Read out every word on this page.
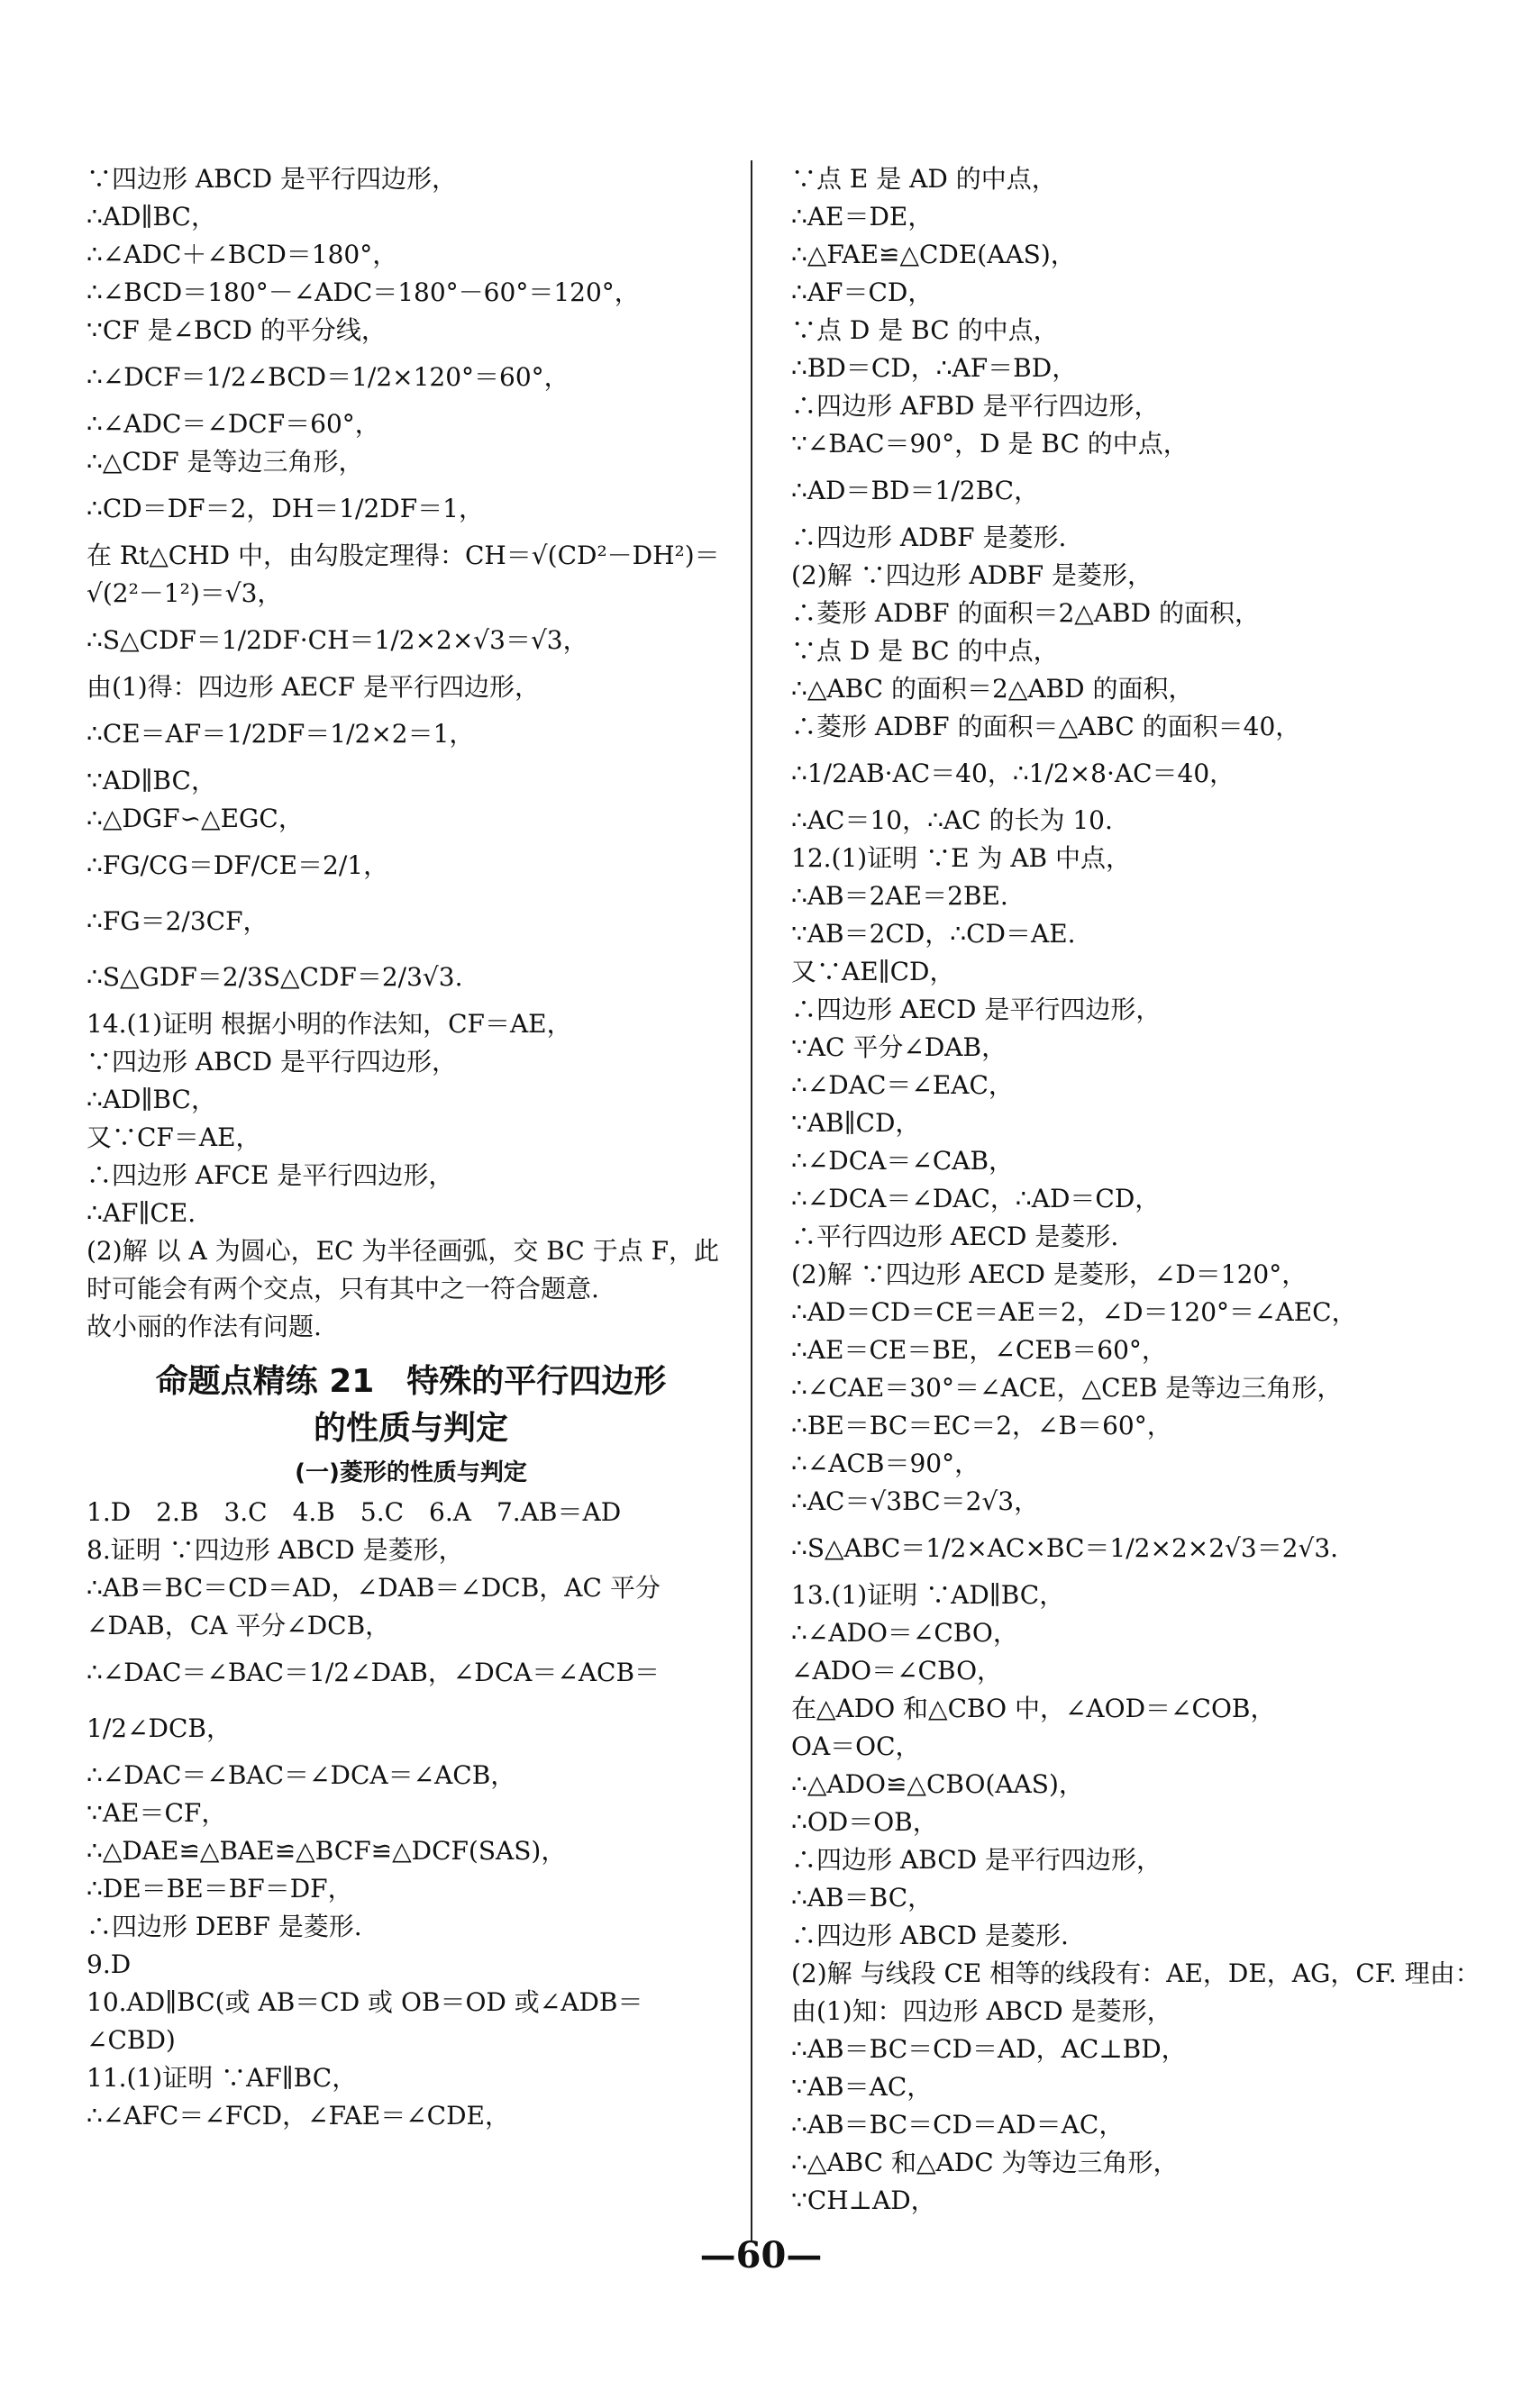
∵四边形 ABCD 是平行四边形，
∴AD∥BC，
∴∠ADC＋∠BCD＝180°，
∴∠BCD＝180°－∠ADC＝180°－60°＝120°，
∵CF 是∠BCD 的平分线，
∴∠DCF＝1/2∠BCD＝1/2×120°＝60°，
∴∠ADC＝∠DCF＝60°，
∴△CDF 是等边三角形，
∴CD＝DF＝2，DH＝1/2DF＝1，
在 Rt△CHD 中，由勾股定理得：CH＝√(CD²－DH²)＝
√(2²－1²)＝√3，
∴S△CDF＝1/2DF·CH＝1/2×2×√3＝√3，
由(1)得：四边形 AECF 是平行四边形，
∴CE＝AF＝1/2DF＝1/2×2＝1，
∵AD∥BC，
∴△DGF∽△EGC，
∴FG/CG＝DF/CE＝2/1，
∴FG＝2/3CF，
∴S△GDF＝2/3S△CDF＝2/3√3.
14.(1)证明 根据小明的作法知，CF＝AE，
∵四边形 ABCD 是平行四边形，
∴AD∥BC，
又∵CF＝AE，
∴四边形 AFCE 是平行四边形，
∴AF∥CE.
(2)解 以 A 为圆心，EC 为半径画弧，交 BC 于点 F，此
时可能会有两个交点，只有其中之一符合题意.
故小丽的作法有问题.
命题点精练 21　特殊的平行四边形
的性质与判定
(一)菱形的性质与判定
1.D　2.B　3.C　4.B　5.C　6.A　7.AB＝AD
8.证明 ∵四边形 ABCD 是菱形，
∴AB＝BC＝CD＝AD，∠DAB＝∠DCB，AC 平分
∠DAB，CA 平分∠DCB，
∴∠DAC＝∠BAC＝1/2∠DAB，∠DCA＝∠ACB＝
1/2∠DCB，
∴∠DAC＝∠BAC＝∠DCA＝∠ACB，
∵AE＝CF，
∴△DAE≌△BAE≌△BCF≌△DCF(SAS)，
∴DE＝BE＝BF＝DF，
∴四边形 DEBF 是菱形.
9.D
10.AD∥BC(或 AB＝CD 或 OB＝OD 或∠ADB＝
∠CBD)
11.(1)证明 ∵AF∥BC，
∴∠AFC＝∠FCD，∠FAE＝∠CDE，
∵点 E 是 AD 的中点，
∴AE＝DE，
∴△FAE≌△CDE(AAS)，
∴AF＝CD，
∵点 D 是 BC 的中点，
∴BD＝CD，∴AF＝BD，
∴四边形 AFBD 是平行四边形，
∵∠BAC＝90°，D 是 BC 的中点，
∴AD＝BD＝1/2BC，
∴四边形 ADBF 是菱形.
(2)解 ∵四边形 ADBF 是菱形，
∴菱形 ADBF 的面积＝2△ABD 的面积，
∵点 D 是 BC 的中点，
∴△ABC 的面积＝2△ABD 的面积，
∴菱形 ADBF 的面积＝△ABC 的面积＝40，
∴1/2AB·AC＝40，∴1/2×8·AC＝40，
∴AC＝10，∴AC 的长为 10.
12.(1)证明 ∵E 为 AB 中点，
∴AB＝2AE＝2BE.
∵AB＝2CD，∴CD＝AE.
又∵AE∥CD，
∴四边形 AECD 是平行四边形，
∵AC 平分∠DAB，
∴∠DAC＝∠EAC，
∵AB∥CD，
∴∠DCA＝∠CAB，
∴∠DCA＝∠DAC，∴AD＝CD，
∴平行四边形 AECD 是菱形.
(2)解 ∵四边形 AECD 是菱形，∠D＝120°，
∴AD＝CD＝CE＝AE＝2，∠D＝120°＝∠AEC，
∴AE＝CE＝BE，∠CEB＝60°，
∴∠CAE＝30°＝∠ACE，△CEB 是等边三角形，
∴BE＝BC＝EC＝2，∠B＝60°，
∴∠ACB＝90°，
∴AC＝√3BC＝2√3，
∴S△ABC＝1/2×AC×BC＝1/2×2×2√3＝2√3.
13.(1)证明 ∵AD∥BC，
∴∠ADO＝∠CBO，
∠ADO＝∠CBO，
在△ADO 和△CBO 中，∠AOD＝∠COB，
OA＝OC，
∴△ADO≌△CBO(AAS)，
∴OD＝OB，
∴四边形 ABCD 是平行四边形，
∴AB＝BC，
∴四边形 ABCD 是菱形.
(2)解 与线段 CE 相等的线段有：AE，DE，AG，CF. 理由：
由(1)知：四边形 ABCD 是菱形，
∴AB＝BC＝CD＝AD，AC⊥BD，
∵AB＝AC，
∴AB＝BC＝CD＝AD＝AC，
∴△ABC 和△ADC 为等边三角形，
∵CH⊥AD，
—60—
